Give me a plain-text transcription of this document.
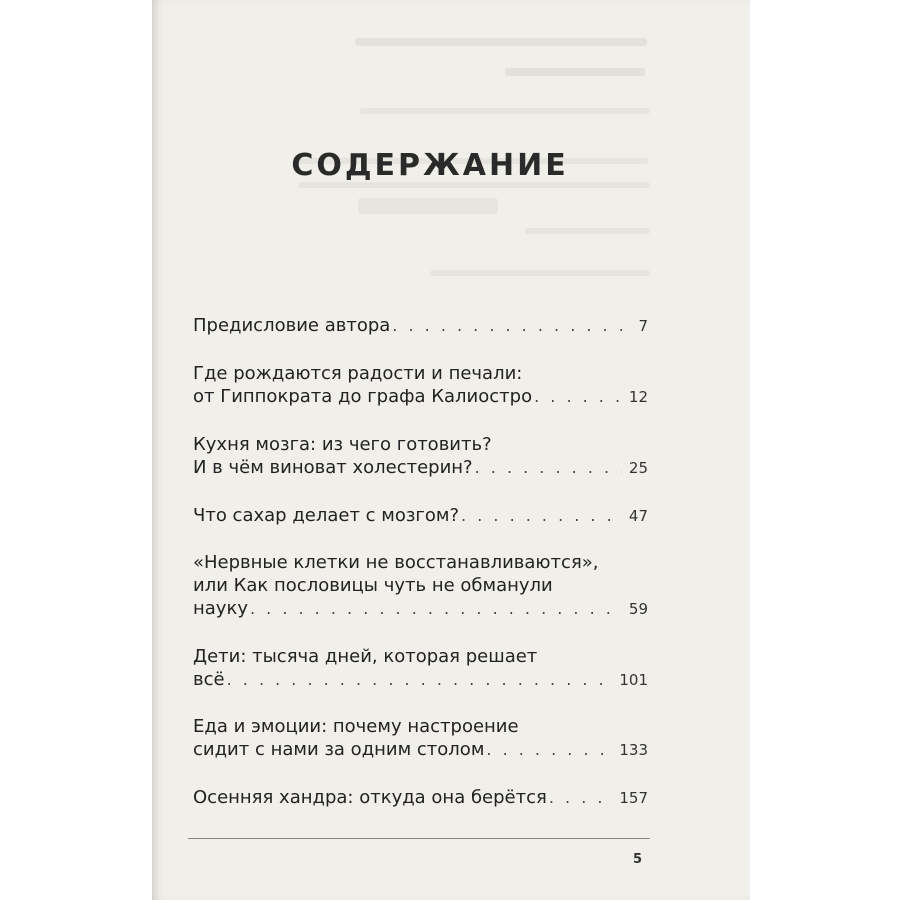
СОДЕРЖАНИЕ
Предисловие автора . . .	7
Где рождаются радости и печали:
от Гиппократа до графа Калиостро . . .	12
Кухня мозга: из чего готовить?
И в чём виноват холестерин? . . .	25
Что сахар делает с мозгом? . . .	47
«Нервные клетки не восстанавливаются»,
или Как пословицы чуть не обманули
науку . . .	59
Дети: тысяча дней, которая решает
всё . . .	101
Еда и эмоции: почему настроение
сидит с нами за одним столом . . .	133
Осенняя хандра: откуда она берётся . . .	157
5
